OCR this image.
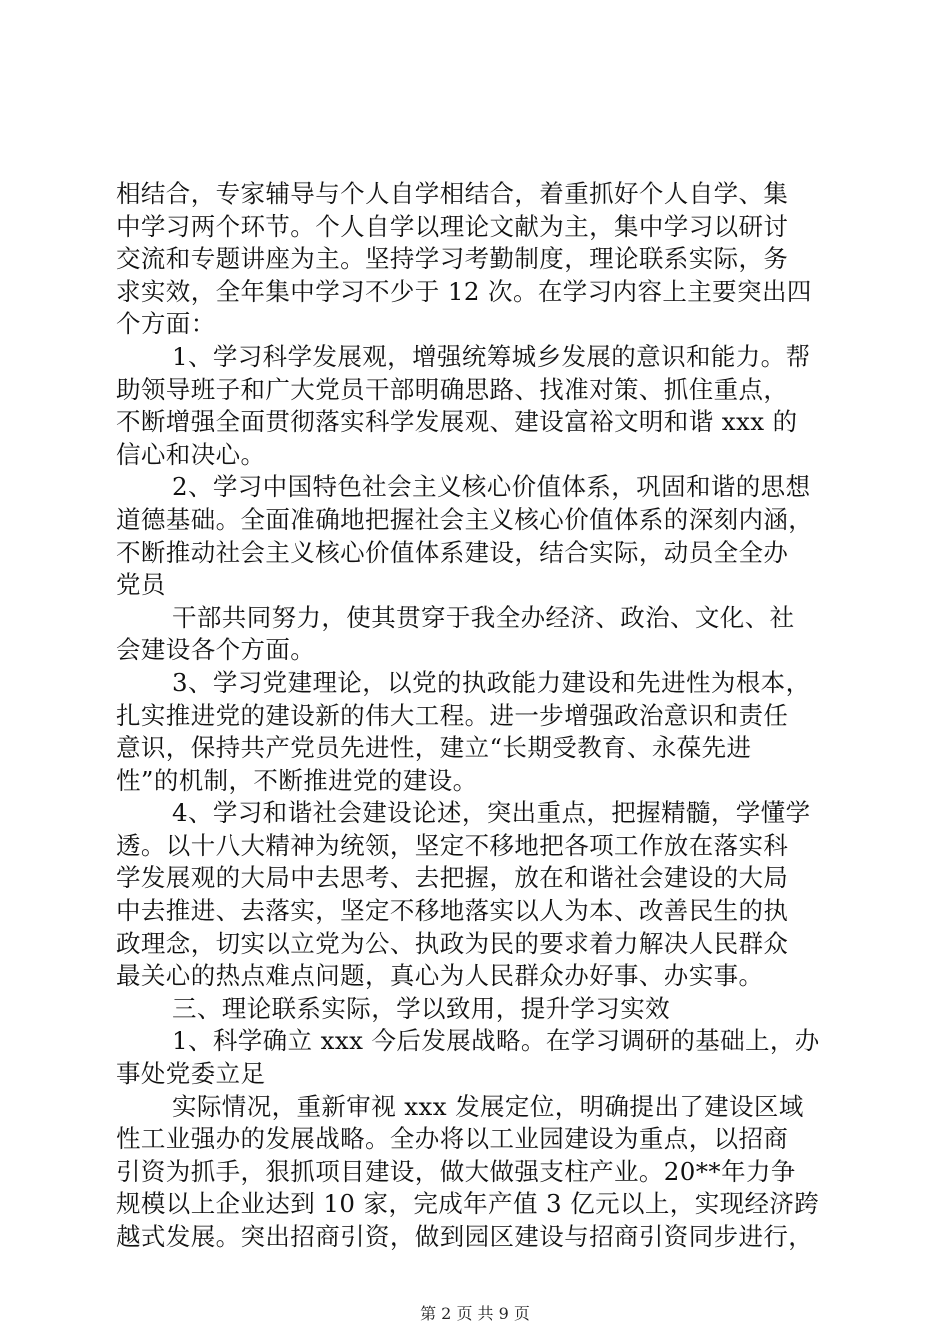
相结合，专家辅导与个人自学相结合，着重抓好个人自学、集
中学习两个环节。个人自学以理论文献为主，集中学习以研讨
交流和专题讲座为主。坚持学习考勤制度，理论联系实际，务
求实效，全年集中学习不少于 12 次。在学习内容上主要突出四
个方面：
1、学习科学发展观，增强统筹城乡发展的意识和能力。帮
助领导班子和广大党员干部明确思路、找准对策、抓住重点，
不断增强全面贯彻落实科学发展观、建设富裕文明和谐 xxx 的
信心和决心。
2、学习中国特色社会主义核心价值体系，巩固和谐的思想
道德基础。全面准确地把握社会主义核心价值体系的深刻内涵，
不断推动社会主义核心价值体系建设，结合实际，动员全全办
党员
干部共同努力，使其贯穿于我全办经济、政治、文化、社
会建设各个方面。
3、学习党建理论，以党的执政能力建设和先进性为根本，
扎实推进党的建设新的伟大工程。进一步增强政治意识和责任
意识，保持共产党员先进性，建立“长期受教育、永葆先进
性”的机制，不断推进党的建设。
4、学习和谐社会建设论述，突出重点，把握精髓，学懂学
透。以十八大精神为统领，坚定不移地把各项工作放在落实科
学发展观的大局中去思考、去把握，放在和谐社会建设的大局
中去推进、去落实，坚定不移地落实以人为本、改善民生的执
政理念，切实以立党为公、执政为民的要求着力解决人民群众
最关心的热点难点问题，真心为人民群众办好事、办实事。
三、理论联系实际，学以致用，提升学习实效
1、科学确立 xxx 今后发展战略。在学习调研的基础上，办
事处党委立足
实际情况，重新审视 xxx 发展定位，明确提出了建设区域
性工业强办的发展战略。全办将以工业园建设为重点，以招商
引资为抓手，狠抓项目建设，做大做强支柱产业。20**年力争
规模以上企业达到 10 家，完成年产值 3 亿元以上，实现经济跨
越式发展。突出招商引资，做到园区建设与招商引资同步进行，
第 2 页 共 9 页
